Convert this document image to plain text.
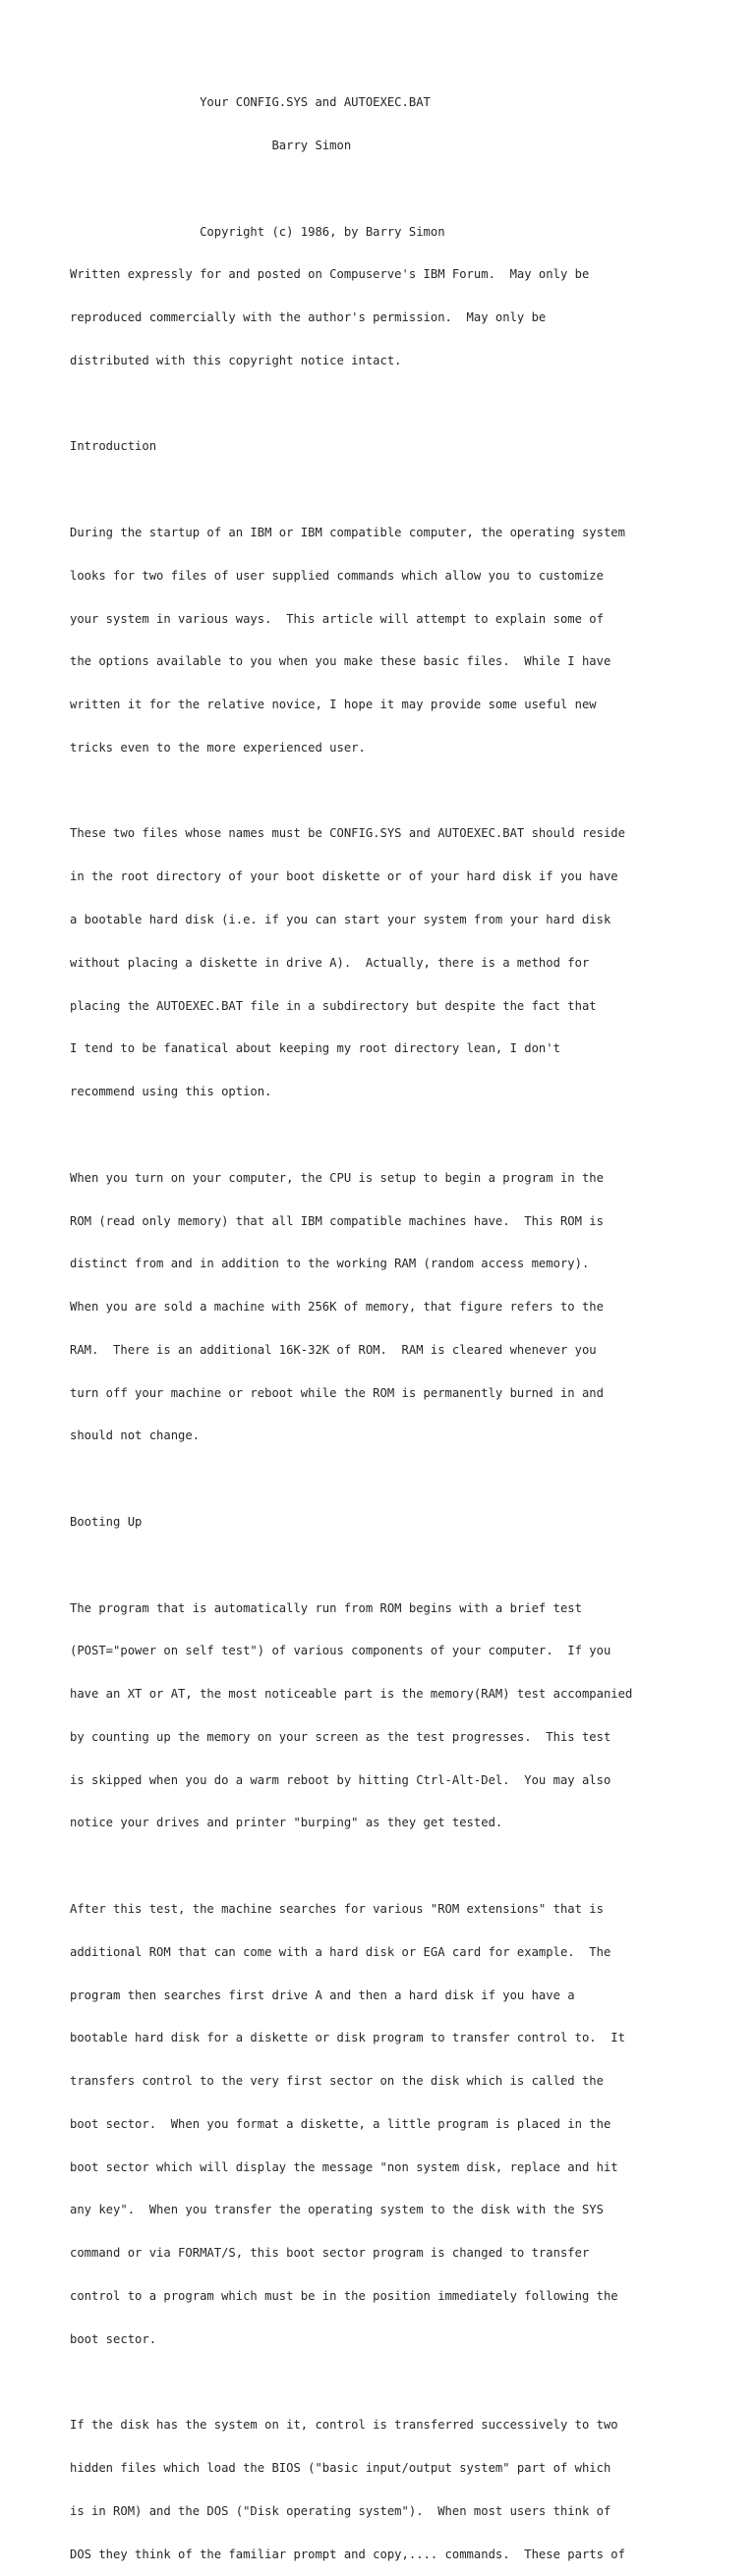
Your CONFIG.SYS and AUTOEXEC.BAT

Barry Simon

Copyright (c) 1986, by Barry Simon

Written expressly for and posted on Compuserve's IBM Forum.  May only be

reproduced commercially with the author's permission.  May only be

distributed with this copyright notice intact.

Introduction

During the startup of an IBM or IBM compatible computer, the operating system

looks for two files of user supplied commands which allow you to customize

your system in various ways.  This article will attempt to explain some of

the options available to you when you make these basic files.  While I have

written it for the relative novice, I hope it may provide some useful new

tricks even to the more experienced user.

These two files whose names must be CONFIG.SYS and AUTOEXEC.BAT should reside

in the root directory of your boot diskette or of your hard disk if you have

a bootable hard disk (i.e. if you can start your system from your hard disk

without placing a diskette in drive A).  Actually, there is a method for

placing the AUTOEXEC.BAT file in a subdirectory but despite the fact that

I tend to be fanatical about keeping my root directory lean, I don't

recommend using this option.

When you turn on your computer, the CPU is setup to begin a program in the

ROM (read only memory) that all IBM compatible machines have.  This ROM is

distinct from and in addition to the working RAM (random access memory).

When you are sold a machine with 256K of memory, that figure refers to the

RAM.  There is an additional 16K-32K of ROM.  RAM is cleared whenever you

turn off your machine or reboot while the ROM is permanently burned in and

should not change.

Booting Up

The program that is automatically run from ROM begins with a brief test

(POST="power on self test") of various components of your computer.  If you

have an XT or AT, the most noticeable part is the memory(RAM) test accompanied

by counting up the memory on your screen as the test progresses.  This test

is skipped when you do a warm reboot by hitting Ctrl-Alt-Del.  You may also

notice your drives and printer "burping" as they get tested.

After this test, the machine searches for various "ROM extensions" that is

additional ROM that can come with a hard disk or EGA card for example.  The

program then searches first drive A and then a hard disk if you have a

bootable hard disk for a diskette or disk program to transfer control to.  It

transfers control to the very first sector on the disk which is called the

boot sector.  When you format a diskette, a little program is placed in the

boot sector which will display the message "non system disk, replace and hit

any key".  When you transfer the operating system to the disk with the SYS

command or via FORMAT/S, this boot sector program is changed to transfer

control to a program which must be in the position immediately following the

boot sector.

If the disk has the system on it, control is transferred successively to two

hidden files which load the BIOS ("basic input/output system" part of which

is in ROM) and the DOS ("Disk operating system").  When most users think of

DOS they think of the familiar prompt and copy,.... commands.  These parts of
